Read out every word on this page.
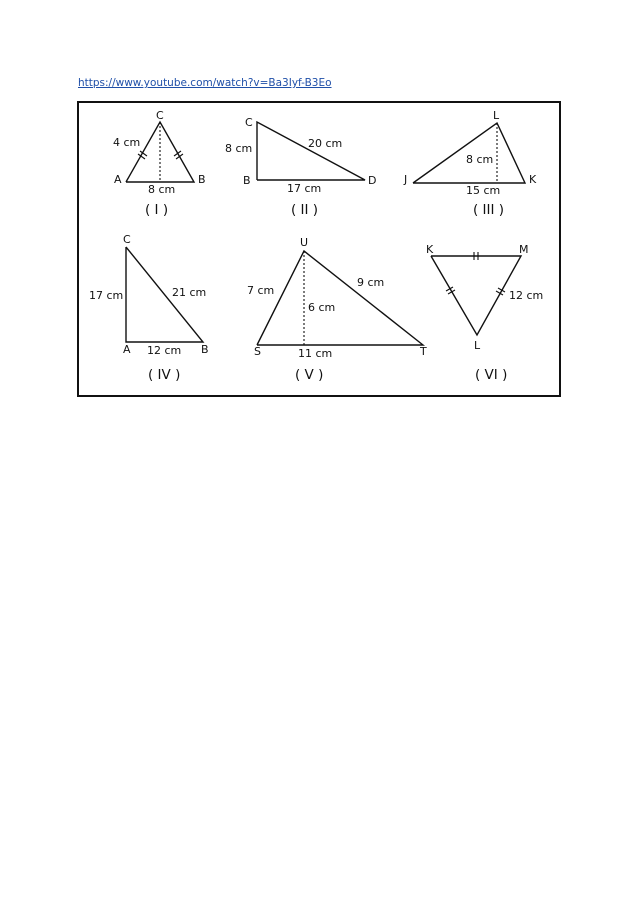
https://www.youtube.com/watch?v=Ba3Iyf-B3Eo
A	B
C
4 cm
8 cm
( I )
B
C
D
8 cm
17 cm
20 cm
( II )
J	K
L
8 cm
15 cm
( III )
A	B
C
17 cm
12 cm
21 cm
( IV )
S	T
U
7 cm
9 cm
6 cm
11 cm
( V )
K	M
L
12 cm
( VI )
